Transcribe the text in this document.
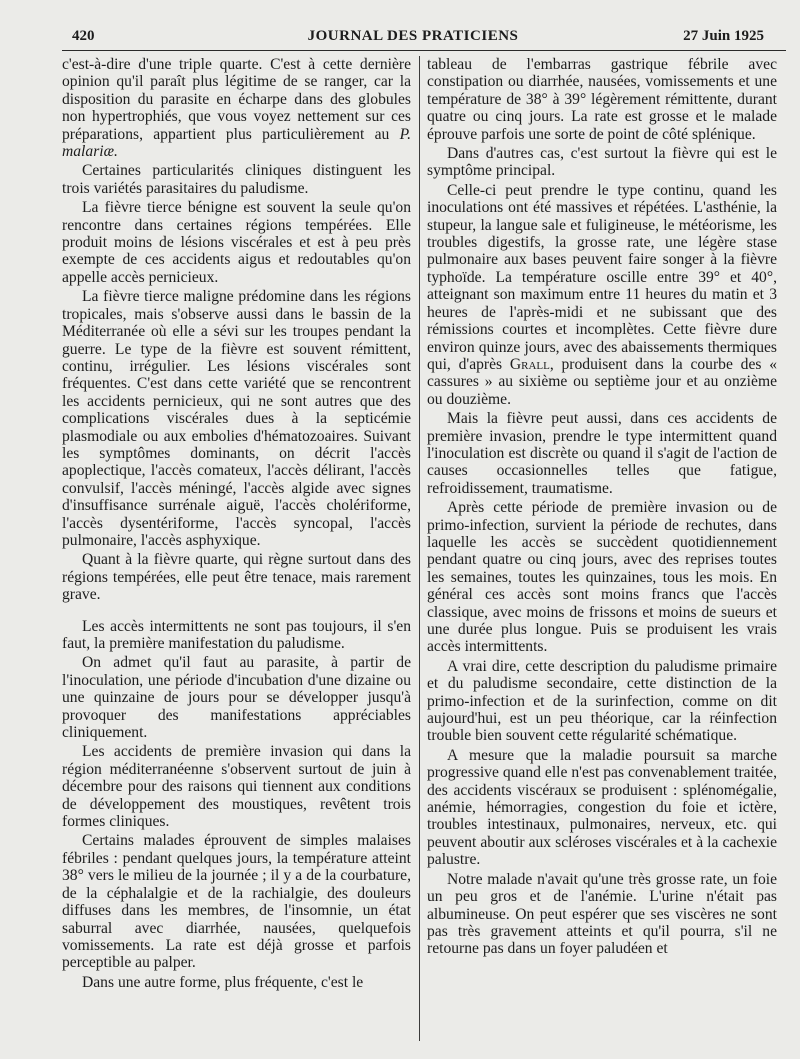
420	JOURNAL DES PRATICIENS	27 Juin 1925

c'est-à-dire d'une triple quarte. C'est à cette dernière opinion qu'il paraît plus légitime de se ranger, car la disposition du parasite en écharpe dans des globules non hypertrophiés, que vous voyez nettement sur ces préparations, appartient plus particulièrement au P. malariæ.

Certaines particularités cliniques distinguent les trois variétés parasitaires du paludisme.

La fièvre tierce bénigne est souvent la seule qu'on rencontre dans certaines régions tempérées. Elle produit moins de lésions viscérales et est à peu près exempte de ces accidents aigus et redoutables qu'on appelle accès pernicieux.

La fièvre tierce maligne prédomine dans les régions tropicales, mais s'observe aussi dans le bassin de la Méditerranée où elle a sévi sur les troupes pendant la guerre. Le type de la fièvre est souvent rémittent, continu, irrégulier. Les lésions viscérales sont fréquentes. C'est dans cette variété que se rencontrent les accidents pernicieux, qui ne sont autres que des complications viscérales dues à la septicémie plasmodiale ou aux embolies d'hématozoaires. Suivant les symptômes dominants, on décrit l'accès apoplectique, l'accès comateux, l'accès délirant, l'accès convulsif, l'accès méningé, l'accès algide avec signes d'insuffisance surrénale aiguë, l'accès cholériforme, l'accès dysentériforme, l'accès syncopal, l'accès pulmonaire, l'accès asphyxique.

Quant à la fièvre quarte, qui règne surtout dans des régions tempérées, elle peut être tenace, mais rarement grave.

Les accès intermittents ne sont pas toujours, il s'en faut, la première manifestation du paludisme.

On admet qu'il faut au parasite, à partir de l'inoculation, une période d'incubation d'une dizaine ou une quinzaine de jours pour se développer jusqu'à provoquer des manifestations appréciables cliniquement.

Les accidents de première invasion qui dans la région méditerranéenne s'observent surtout de juin à décembre pour des raisons qui tiennent aux conditions de développement des moustiques, revêtent trois formes cliniques.

Certains malades éprouvent de simples malaises fébriles : pendant quelques jours, la température atteint 38° vers le milieu de la journée ; il y a de la courbature, de la céphalalgie et de la rachialgie, des douleurs diffuses dans les membres, de l'insomnie, un état saburral avec diarrhée, nausées, quelquefois vomissements. La rate est déjà grosse et parfois perceptible au palper.

Dans une autre forme, plus fréquente, c'est le

tableau de l'embarras gastrique fébrile avec constipation ou diarrhée, nausées, vomissements et une température de 38° à 39° légèrement rémittente, durant quatre ou cinq jours. La rate est grosse et le malade éprouve parfois une sorte de point de côté splénique.

Dans d'autres cas, c'est surtout la fièvre qui est le symptôme principal.

Celle-ci peut prendre le type continu, quand les inoculations ont été massives et répétées. L'asthénie, la stupeur, la langue sale et fuligineuse, le météorisme, les troubles digestifs, la grosse rate, une légère stase pulmonaire aux bases peuvent faire songer à la fièvre typhoïde. La température oscille entre 39° et 40°, atteignant son maximum entre 11 heures du matin et 3 heures de l'après-midi et ne subissant que des rémissions courtes et incomplètes. Cette fièvre dure environ quinze jours, avec des abaissements thermiques qui, d'après Grall, produisent dans la courbe des « cassures » au sixième ou septième jour et au onzième ou douzième.

Mais la fièvre peut aussi, dans ces accidents de première invasion, prendre le type intermittent quand l'inoculation est discrète ou quand il s'agit de l'action de causes occasionnelles telles que fatigue, refroidissement, traumatisme.

Après cette période de première invasion ou de primo-infection, survient la période de rechutes, dans laquelle les accès se succèdent quotidiennement pendant quatre ou cinq jours, avec des reprises toutes les semaines, toutes les quinzaines, tous les mois. En général ces accès sont moins francs que l'accès classique, avec moins de frissons et moins de sueurs et une durée plus longue. Puis se produisent les vrais accès intermittents.

A vrai dire, cette description du paludisme primaire et du paludisme secondaire, cette distinction de la primo-infection et de la surinfection, comme on dit aujourd'hui, est un peu théorique, car la réinfection trouble bien souvent cette régularité schématique.

A mesure que la maladie poursuit sa marche progressive quand elle n'est pas convenablement traitée, des accidents viscéraux se produisent : splénomégalie, anémie, hémorragies, congestion du foie et ictère, troubles intestinaux, pulmonaires, nerveux, etc. qui peuvent aboutir aux scléroses viscérales et à la cachexie palustre.

Notre malade n'avait qu'une très grosse rate, un foie un peu gros et de l'anémie. L'urine n'était pas albumineuse. On peut espérer que ses viscères ne sont pas très gravement atteints et qu'il pourra, s'il ne retourne pas dans un foyer paludéen et
